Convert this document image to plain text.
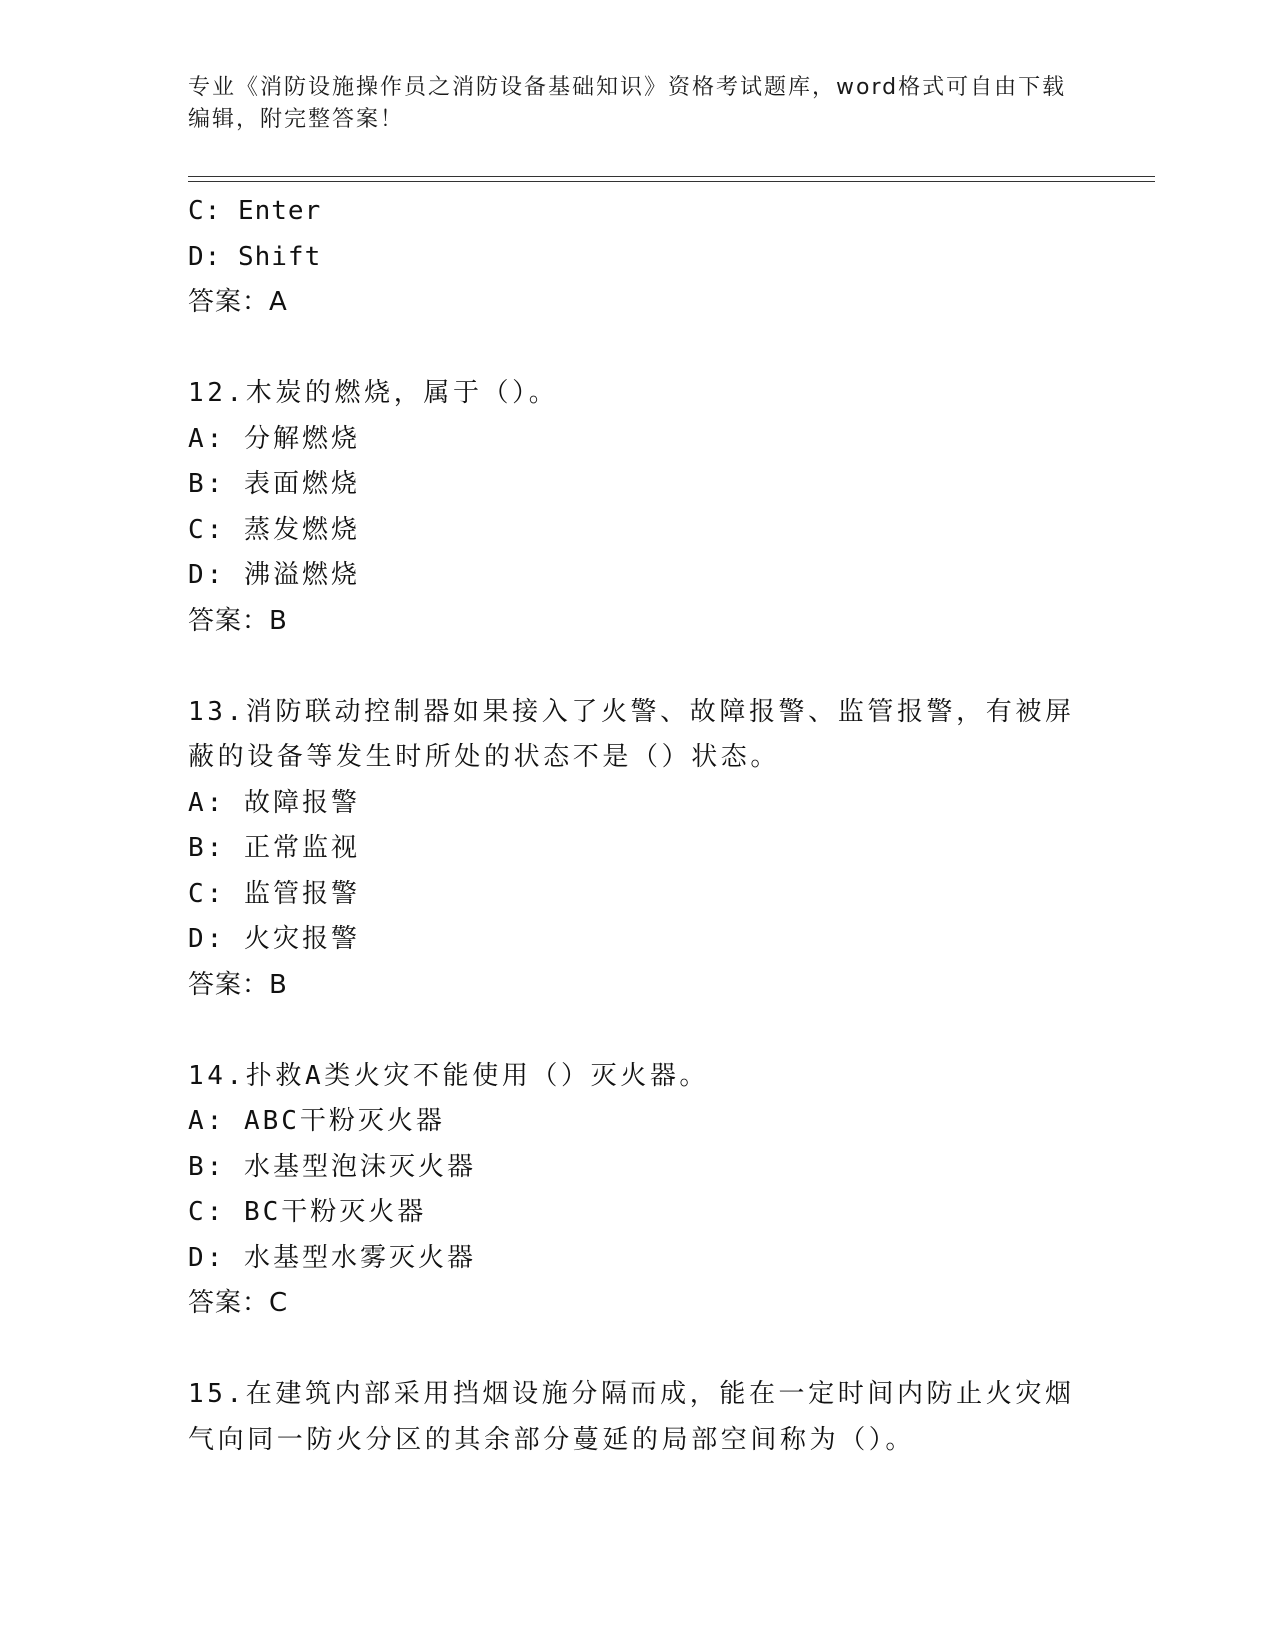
专业《消防设施操作员之消防设备基础知识》资格考试题库，word格式可自由下载编辑，附完整答案！
C: Enter
D: Shift
答案：A
12.木炭的燃烧，属于（）。
A: 分解燃烧
B: 表面燃烧
C: 蒸发燃烧
D: 沸溢燃烧
答案：B
13.消防联动控制器如果接入了火警、故障报警、监管报警，有被屏蔽的设备等发生时所处的状态不是（）状态。
A: 故障报警
B: 正常监视
C: 监管报警
D: 火灾报警
答案：B
14.扑救A类火灾不能使用（）灭火器。
A: ABC干粉灭火器
B: 水基型泡沫灭火器
C: BC干粉灭火器
D: 水基型水雾灭火器
答案：C
15.在建筑内部采用挡烟设施分隔而成，能在一定时间内防止火灾烟气向同一防火分区的其余部分蔓延的局部空间称为（）。
